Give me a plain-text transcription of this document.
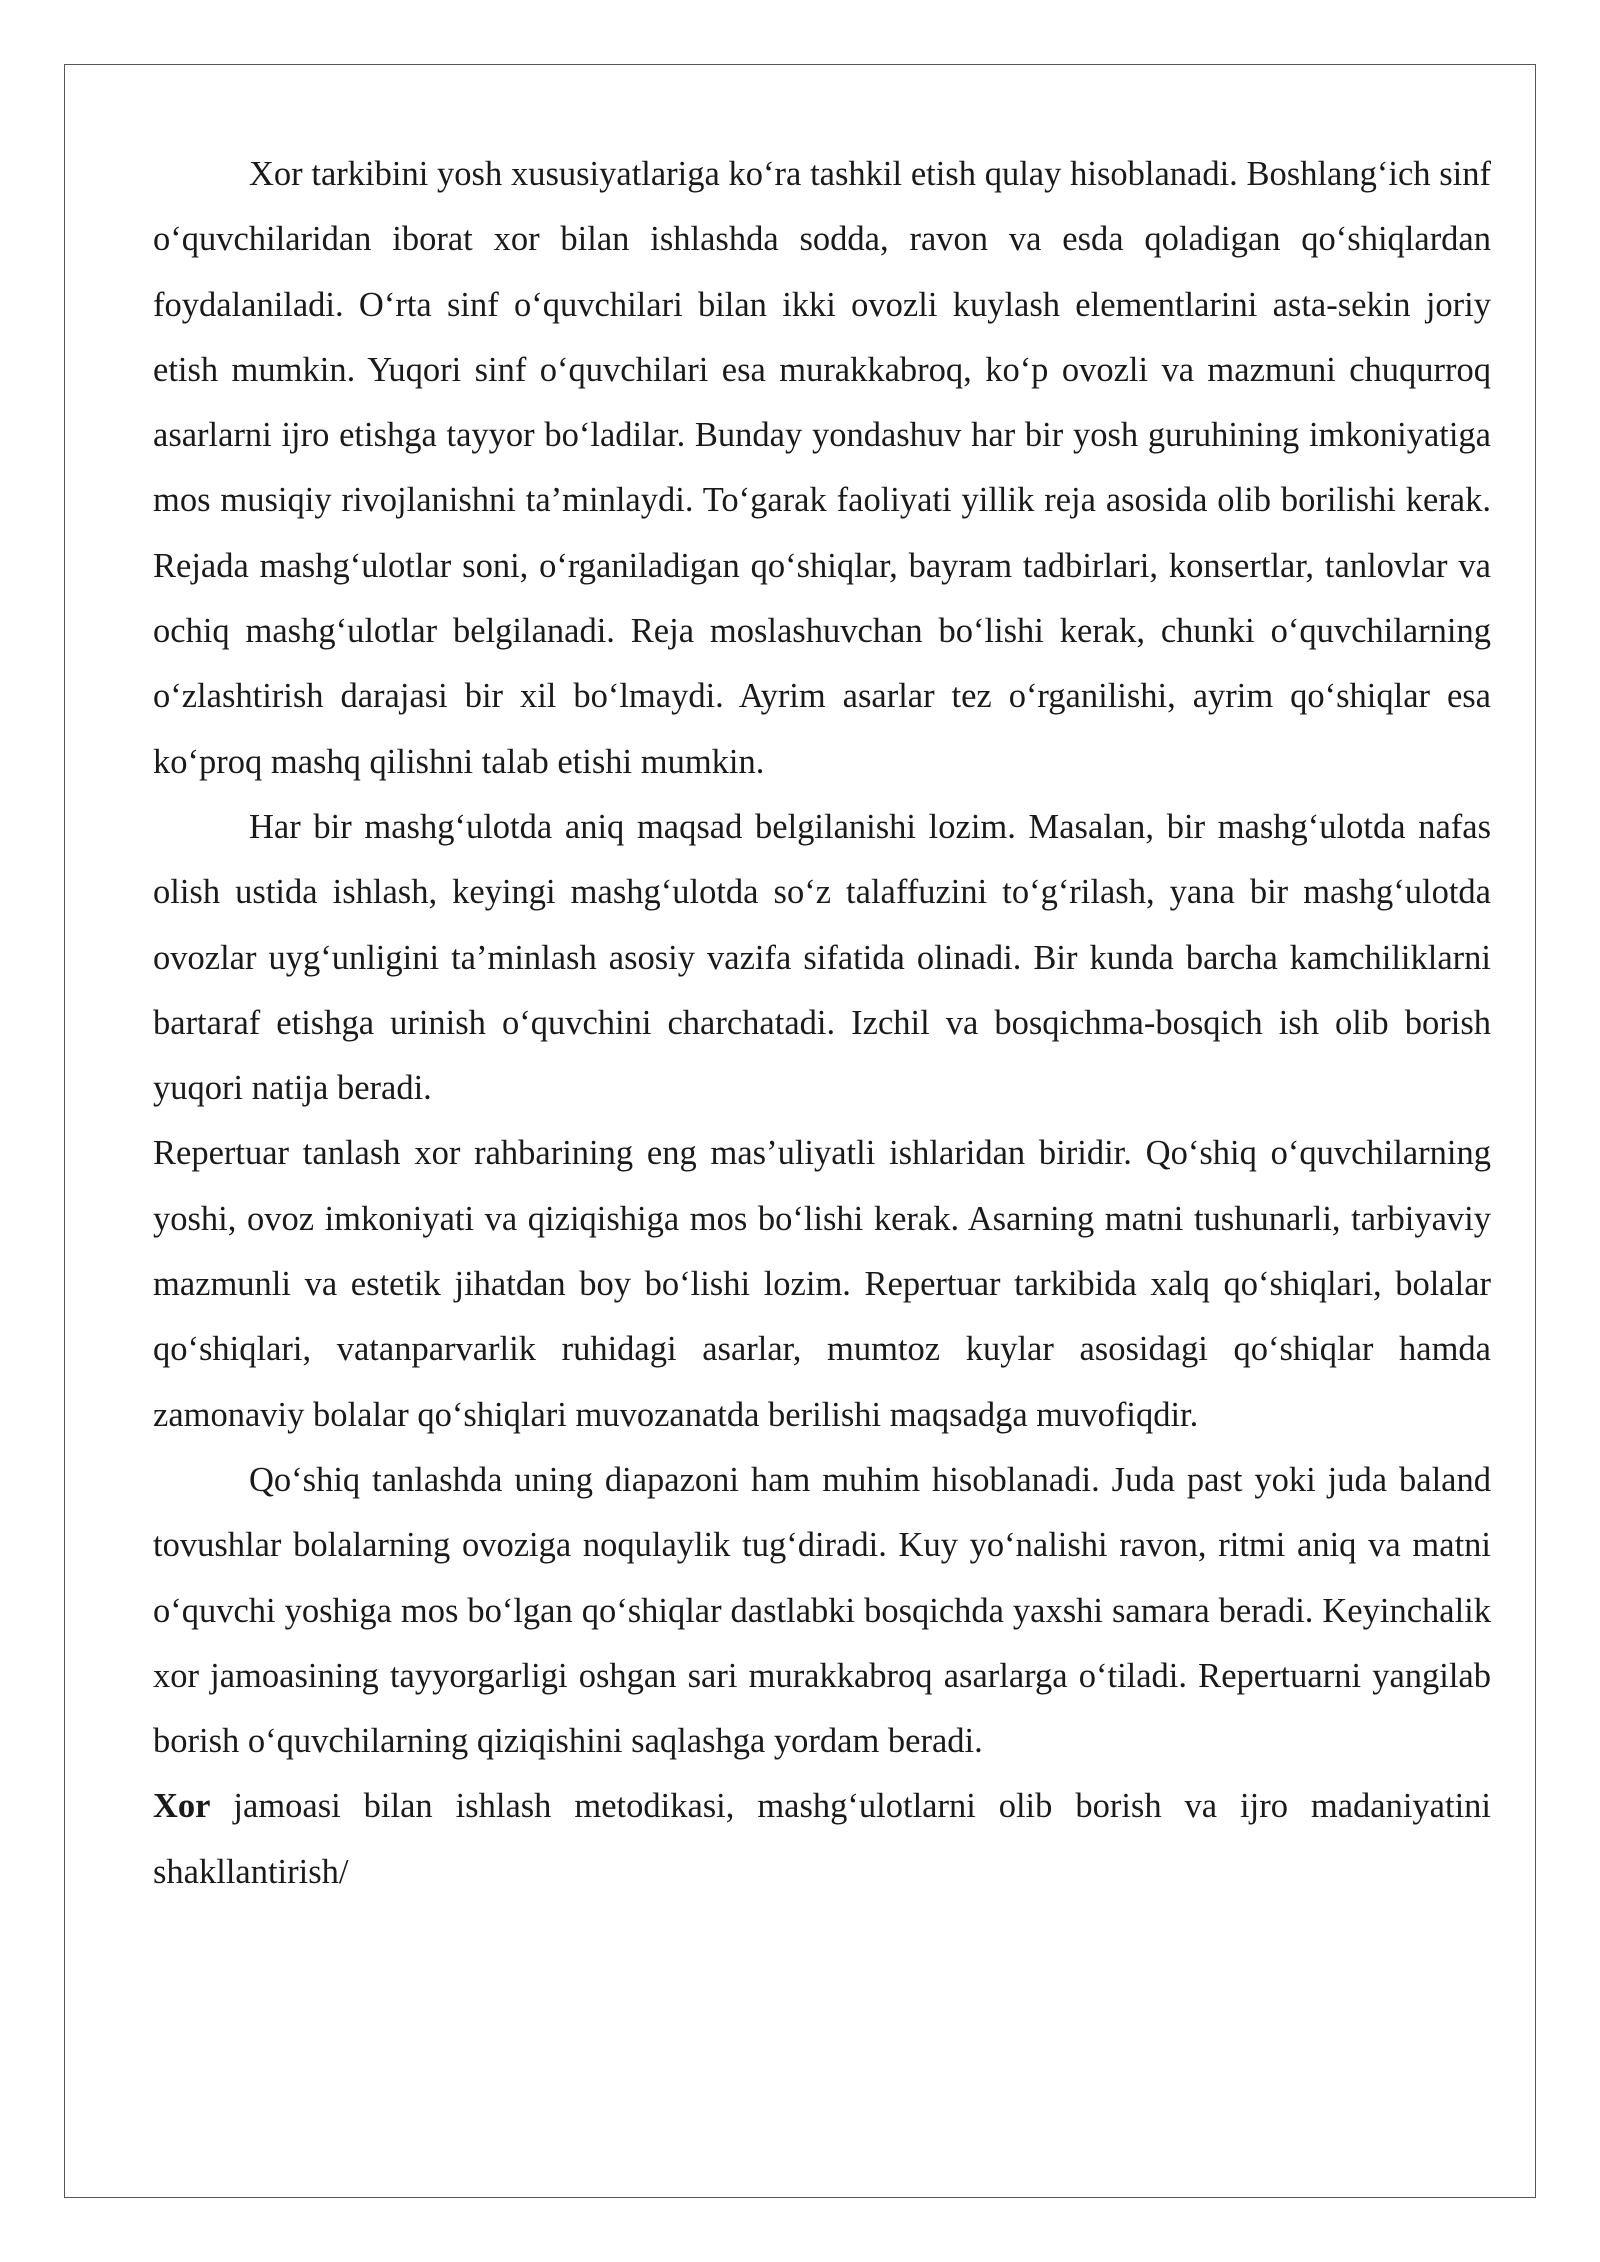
Xor tarkibini yosh xususiyatlariga koʻra tashkil etish qulay hisoblanadi. Boshlangʻich sinf oʻquvchilaridan iborat xor bilan ishlashda sodda, ravon va esda qoladigan qoʻshiqlardan foydalaniladi. Oʻrta sinf oʻquvchilari bilan ikki ovozli kuylash elementlarini asta-sekin joriy etish mumkin. Yuqori sinf oʻquvchilari esa murakkabroq, koʻp ovozli va mazmuni chuqurroq asarlarni ijro etishga tayyor boʻladilar. Bunday yondashuv har bir yosh guruhining imkoniyatiga mos musiqiy rivojlanishni ta’minlaydi. Toʻgarak faoliyati yillik reja asosida olib borilishi kerak. Rejada mashgʻulotlar soni, oʻrganiladigan qoʻshiqlar, bayram tadbirlari, konsertlar, tanlovlar va ochiq mashgʻulotlar belgilanadi. Reja moslashuvchan boʻlishi kerak, chunki oʻquvchilarning oʻzlashtirish darajasi bir xil boʻlmaydi. Ayrim asarlar tez oʻrganilishi, ayrim qoʻshiqlar esa koʻproq mashq qilishni talab etishi mumkin.

Har bir mashgʻulotda aniq maqsad belgilanishi lozim. Masalan, bir mashgʻulotda nafas olish ustida ishlash, keyingi mashgʻulotda soʻz talaffuzini toʻgʻrilash, yana bir mashgʻulotda ovozlar uygʻunligini ta’minlash asosiy vazifa sifatida olinadi. Bir kunda barcha kamchiliklarni bartaraf etishga urinish oʻquvchini charchatadi. Izchil va bosqichma-bosqich ish olib borish yuqori natija beradi.

Repertuar tanlash xor rahbarining eng mas’uliyatli ishlaridan biridir. Qoʻshiq oʻquvchilarning yoshi, ovoz imkoniyati va qiziqishiga mos boʻlishi kerak. Asarning matni tushunarli, tarbiyaviy mazmunli va estetik jihatdan boy boʻlishi lozim. Repertuar tarkibida xalq qoʻshiqlari, bolalar qoʻshiqlari, vatanparvarlik ruhidagi asarlar, mumtoz kuylar asosidagi qoʻshiqlar hamda zamonaviy bolalar qoʻshiqlari muvozanatda berilishi maqsadga muvofiqdir.

Qoʻshiq tanlashda uning diapazoni ham muhim hisoblanadi. Juda past yoki juda baland tovushlar bolalarning ovoziga noqulaylik tugʻdiradi. Kuy yoʻnalishi ravon, ritmi aniq va matni oʻquvchi yoshiga mos boʻlgan qoʻshiqlar dastlabki bosqichda yaxshi samara beradi. Keyinchalik xor jamoasining tayyorgarligi oshgan sari murakkabroq asarlarga oʻtiladi. Repertuarni yangilab borish oʻquvchilarning qiziqishini saqlashga yordam beradi.

Xor jamoasi bilan ishlash metodikasi, mashgʻulotlarni olib borish va ijro madaniyatini shakllantirish/
